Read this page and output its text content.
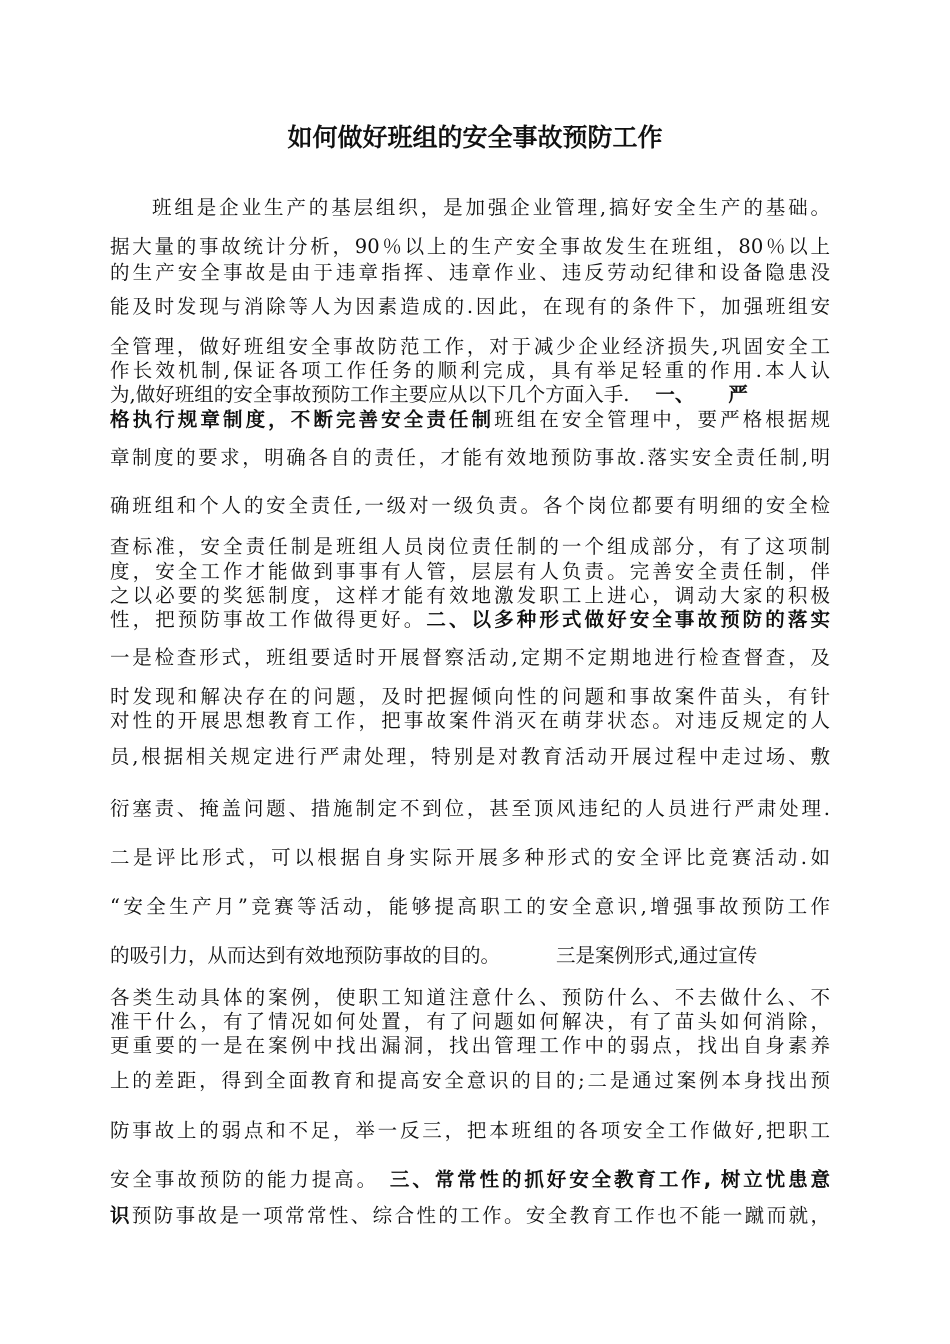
如何做好班组的安全事故预防工作
班组是企业生产的基层组织，是加强企业管理,搞好安全生产的基础。
据大量的事故统计分析，90％以上的生产安全事故发生在班组，80％以上
的生产安全事故是由于违章指挥、违章作业、违反劳动纪律和设备隐患没
能及时发现与消除等人为因素造成的.因此，在现有的条件下，加强班组安
全管理，做好班组安全事故防范工作，对于减少企业经济损失,巩固安全工
作长效机制,保证各项工作任务的顺利完成，具有举足轻重的作用.本人认
为,做好班组的安全事故预防工作主要应从以下几个方面入手. 一、 严
格执行规章制度，不断完善安全责任制班组在安全管理中，要严格根据规
章制度的要求，明确各自的责任，才能有效地预防事故.落实安全责任制,明
确班组和个人的安全责任,一级对一级负责。各个岗位都要有明细的安全检
查标准，安全责任制是班组人员岗位责任制的一个组成部分，有了这项制
度，安全工作才能做到事事有人管，层层有人负责。完善安全责任制，伴
之以必要的奖惩制度，这样才能有效地激发职工上进心，调动大家的积极
性，把预防事故工作做得更好。二、以多种形式做好安全事故预防的落实
一是检查形式，班组要适时开展督察活动,定期不定期地进行检查督查，及
时发现和解决存在的问题，及时把握倾向性的问题和事故案件苗头，有针
对性的开展思想教育工作，把事故案件消灭在萌芽状态。对违反规定的人
员,根据相关规定进行严肃处理，特别是对教育活动开展过程中走过场、敷
衍塞责、掩盖问题、措施制定不到位，甚至顶风违纪的人员进行严肃处理.
二是评比形式，可以根据自身实际开展多种形式的安全评比竞赛活动.如
“安全生产月”竞赛等活动，能够提高职工的安全意识,增强事故预防工作
的吸引力，从而达到有效地预防事故的目的。	三是案例形式,通过宣传
各类生动具体的案例，使职工知道注意什么、预防什么、不去做什么、不
准干什么，有了情况如何处置，有了问题如何解决，有了苗头如何消除，
更重要的一是在案例中找出漏洞，找出管理工作中的弱点，找出自身素养
上的差距，得到全面教育和提高安全意识的目的;二是通过案例本身找出预
防事故上的弱点和不足，举一反三，把本班组的各项安全工作做好,把职工
安全事故预防的能力提高。 三、常常性的抓好安全教育工作, 树立忧患意
识预防事故是一项常常性、综合性的工作。安全教育工作也不能一蹴而就，
